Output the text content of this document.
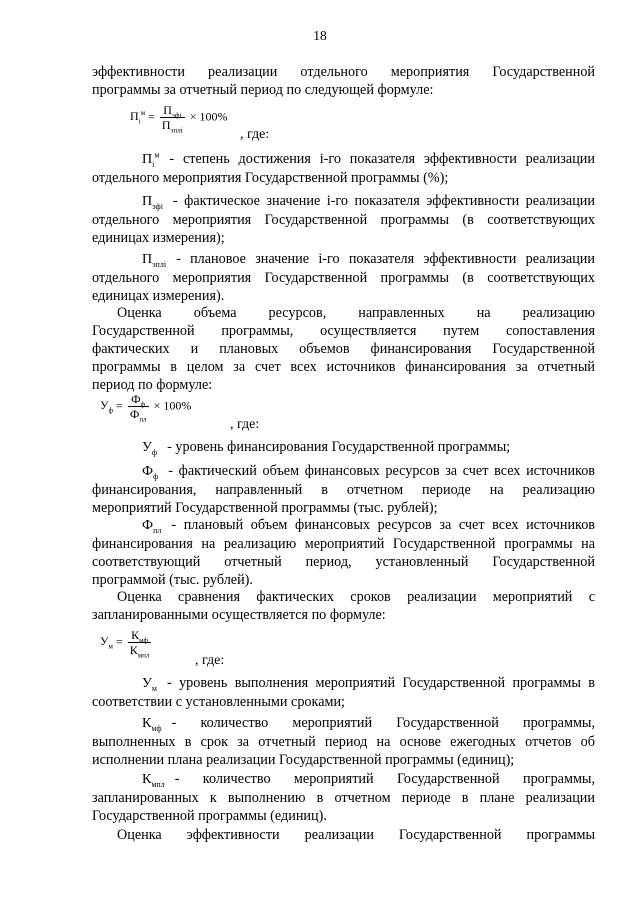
18
эффективности реализации отдельного мероприятия Государственной
программы за отчетный период по следующей формуле:
$П_i^м = \frac{П_{эфi}}{П_{эплi}} \times 100\%$
, где:
$П_i^м$ - степень достижения i-го показателя эффективности реализации
отдельного мероприятия Государственной программы (%);
$П_{эфi}$ - фактическое значение i-го показателя эффективности реализации
отдельного мероприятия Государственной программы (в соответствующих
единицах измерения);
$П_{эплi}$ - плановое значение i-го показателя эффективности реализации
отдельного мероприятия Государственной программы (в соответствующих
единицах измерения).
Оценка объема ресурсов, направленных на реализацию
Государственной программы, осуществляется путем сопоставления
фактических и плановых объемов финансирования Государственной
программы в целом за счет всех источников финансирования за отчетный
период по формуле:
$У_ф = \frac{Ф_ф}{Ф_{пл}} \times 100\%$
, где:
$У_ф$ - уровень финансирования Государственной программы;
$Ф_ф$ - фактический объем финансовых ресурсов за счет всех источников
финансирования, направленный в отчетном периоде на реализацию
мероприятий Государственной программы (тыс. рублей);
$Ф_{пл}$ - плановый объем финансовых ресурсов за счет всех источников
финансирования на реализацию мероприятий Государственной программы на
соответствующий отчетный период, установленный Государственной
программой (тыс. рублей).
Оценка сравнения фактических сроков реализации мероприятий с
запланированными осуществляется по формуле:
$У_м = \frac{К_{мф}}{К_{мпл}}$
, где:
$У_м$ - уровень выполнения мероприятий Государственной программы в
соответствии с установленными сроками;
$К_{мф}$ - количество мероприятий Государственной программы,
выполненных в срок за отчетный период на основе ежегодных отчетов об
исполнении плана реализации Государственной программы (единиц);
$К_{мпл}$ - количество мероприятий Государственной программы,
запланированных к выполнению в отчетном периоде в плане реализации
Государственной программы (единиц).
Оценка эффективности реализации Государственной программы
